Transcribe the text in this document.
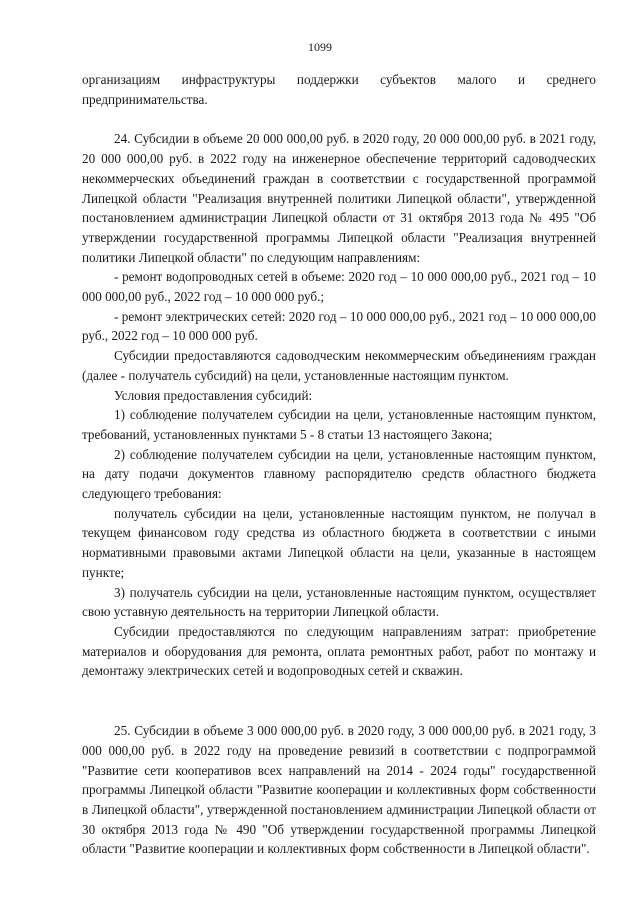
1099

организациям инфраструктуры поддержки субъектов малого и среднего предпринимательства.

24. Субсидии в объеме 20 000 000,00 руб. в 2020 году, 20 000 000,00 руб. в 2021 году, 20 000 000,00 руб. в 2022 году на инженерное обеспечение территорий садоводческих некоммерческих объединений граждан в соответствии с государственной программой Липецкой области "Реализация внутренней политики Липецкой области", утвержденной постановлением администрации Липецкой области от 31 октября 2013 года № 495 "Об утверждении государственной программы Липецкой области "Реализация внутренней политики Липецкой области" по следующим направлениям:

- ремонт водопроводных сетей в объеме: 2020 год – 10 000 000,00 руб., 2021 год – 10 000 000,00 руб., 2022 год – 10 000 000 руб.;

- ремонт электрических сетей: 2020 год – 10 000 000,00 руб., 2021 год – 10 000 000,00 руб., 2022 год – 10 000 000 руб.

Субсидии предоставляются садоводческим некоммерческим объединениям граждан (далее - получатель субсидий) на цели, установленные настоящим пунктом.

Условия предоставления субсидий:

1) соблюдение получателем субсидии на цели, установленные настоящим пунктом, требований, установленных пунктами 5 - 8 статьи 13 настоящего Закона;

2) соблюдение получателем субсидии на цели, установленные настоящим пунктом, на дату подачи документов главному распорядителю средств областного бюджета следующего требования:

получатель субсидии на цели, установленные настоящим пунктом, не получал в текущем финансовом году средства из областного бюджета в соответствии с иными нормативными правовыми актами Липецкой области на цели, указанные в настоящем пункте;

3) получатель субсидии на цели, установленные настоящим пунктом, осуществляет свою уставную деятельность на территории Липецкой области.

Субсидии предоставляются по следующим направлениям затрат: приобретение материалов и оборудования для ремонта, оплата ремонтных работ, работ по монтажу и демонтажу электрических сетей и водопроводных сетей и скважин.

25. Субсидии в объеме 3 000 000,00 руб. в 2020 году, 3 000 000,00 руб. в 2021 году, 3 000 000,00 руб. в 2022 году на проведение ревизий в соответствии с подпрограммой "Развитие сети кооперативов всех направлений на 2014 - 2024 годы" государственной программы Липецкой области "Развитие кооперации и коллективных форм собственности в Липецкой области", утвержденной постановлением администрации Липецкой области от 30 октября 2013 года № 490 "Об утверждении государственной программы Липецкой области "Развитие кооперации и коллективных форм собственности в Липецкой области".
